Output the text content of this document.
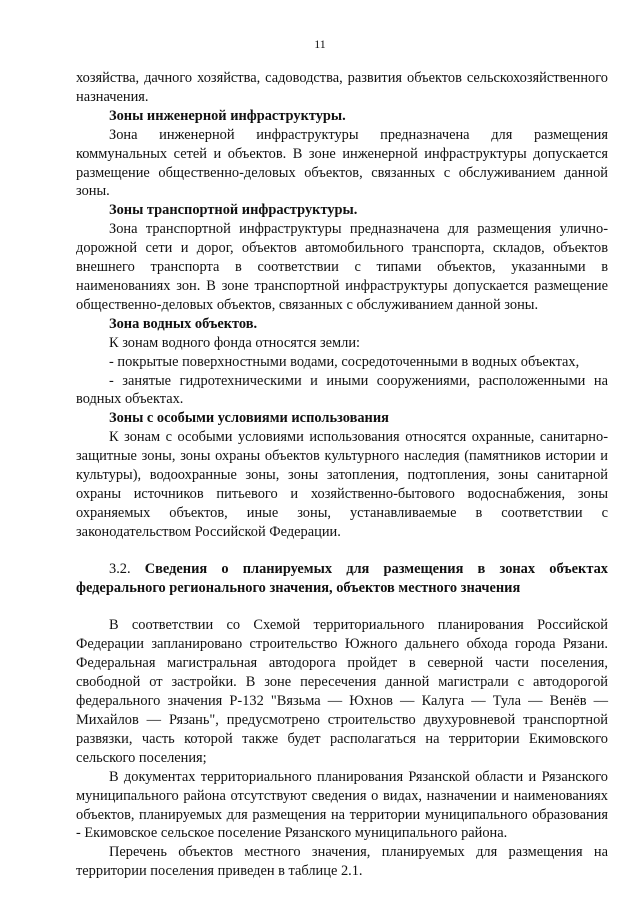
11

хозяйства, дачного хозяйства, садоводства, развития объектов сельскохозяйственного назначения.

Зоны инженерной инфраструктуры.

Зона инженерной инфраструктуры предназначена для размещения коммунальных сетей и объектов. В зоне инженерной инфраструктуры допускается размещение общественно-деловых объектов, связанных с обслуживанием данной зоны.

Зоны транспортной инфраструктуры.

Зона транспортной инфраструктуры предназначена для размещения улично-дорожной сети и дорог, объектов автомобильного транспорта, складов, объектов внешнего транспорта в соответствии с типами объектов, указанными в наименованиях зон. В зоне транспортной инфраструктуры допускается размещение общественно-деловых объектов, связанных с обслуживанием данной зоны.

Зона водных объектов.

К зонам водного фонда относятся земли:

- покрытые поверхностными водами, сосредоточенными в водных объектах,

- занятые гидротехническими и иными сооружениями, расположенными на водных объектах.

Зоны с особыми условиями использования

К зонам с особыми условиями использования относятся охранные, санитарно-защитные зоны, зоны охраны объектов культурного наследия (памятников истории и культуры), водоохранные зоны, зоны затопления, подтопления, зоны санитарной охраны источников питьевого и хозяйственно-бытового водоснабжения, зоны охраняемых объектов, иные зоны, устанавливаемые в соответствии с законодательством Российской Федерации.

3.2. Сведения о планируемых для размещения в зонах объектах федерального регионального значения, объектов местного значения

В соответствии со Схемой территориального планирования Российской Федерации запланировано строительство Южного дальнего обхода города Рязани. Федеральная магистральная автодорога пройдет в северной части поселения, свободной от застройки. В зоне пересечения данной магистрали с автодорогой федерального значения Р-132 "Вязьма — Юхнов — Калуга — Тула — Венёв — Михайлов — Рязань", предусмотрено строительство двухуровневой транспортной развязки, часть которой также будет располагаться на территории Екимовского сельского поселения;

В документах территориального планирования Рязанской области и Рязанского муниципального района отсутствуют сведения о видах, назначении и наименованиях объектов, планируемых для размещения на территории муниципального образования - Екимовское сельское поселение Рязанского муниципального района.

Перечень объектов местного значения, планируемых для размещения на территории поселения приведен в таблице 2.1.
